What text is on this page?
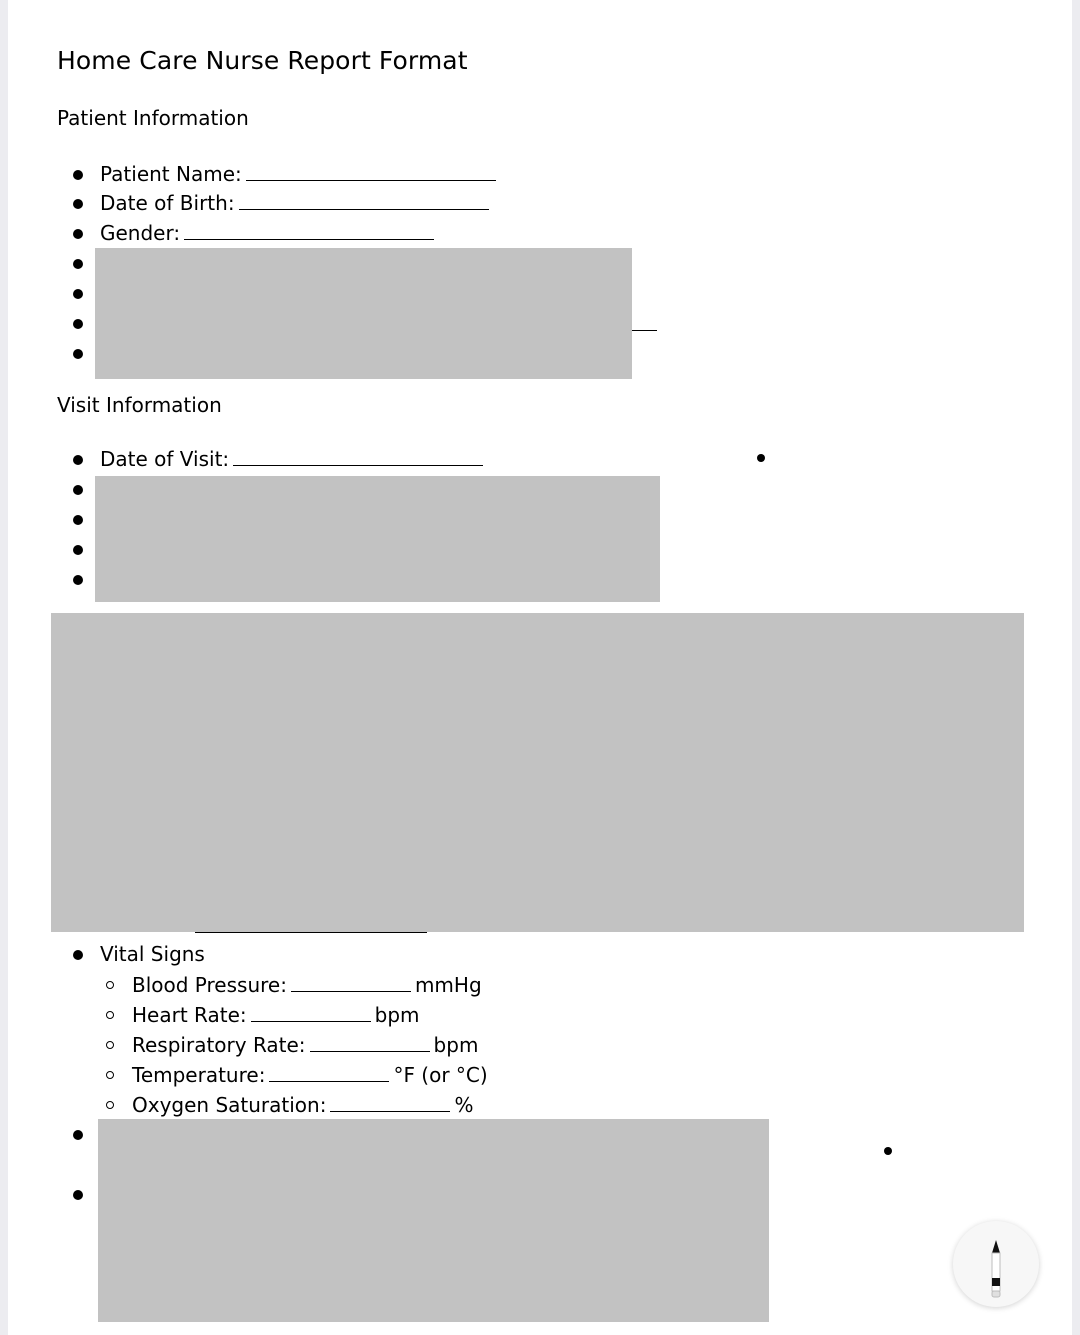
Home Care Nurse Report Format
Patient Information
Patient Name:
Date of Birth:
Gender:
Visit Information
Date of Visit:
Vital Signs
Blood Pressure:	mmHg
Heart Rate:	bpm
Respiratory Rate:	bpm
Temperature:	°F (or °C)
Oxygen Saturation:	%
